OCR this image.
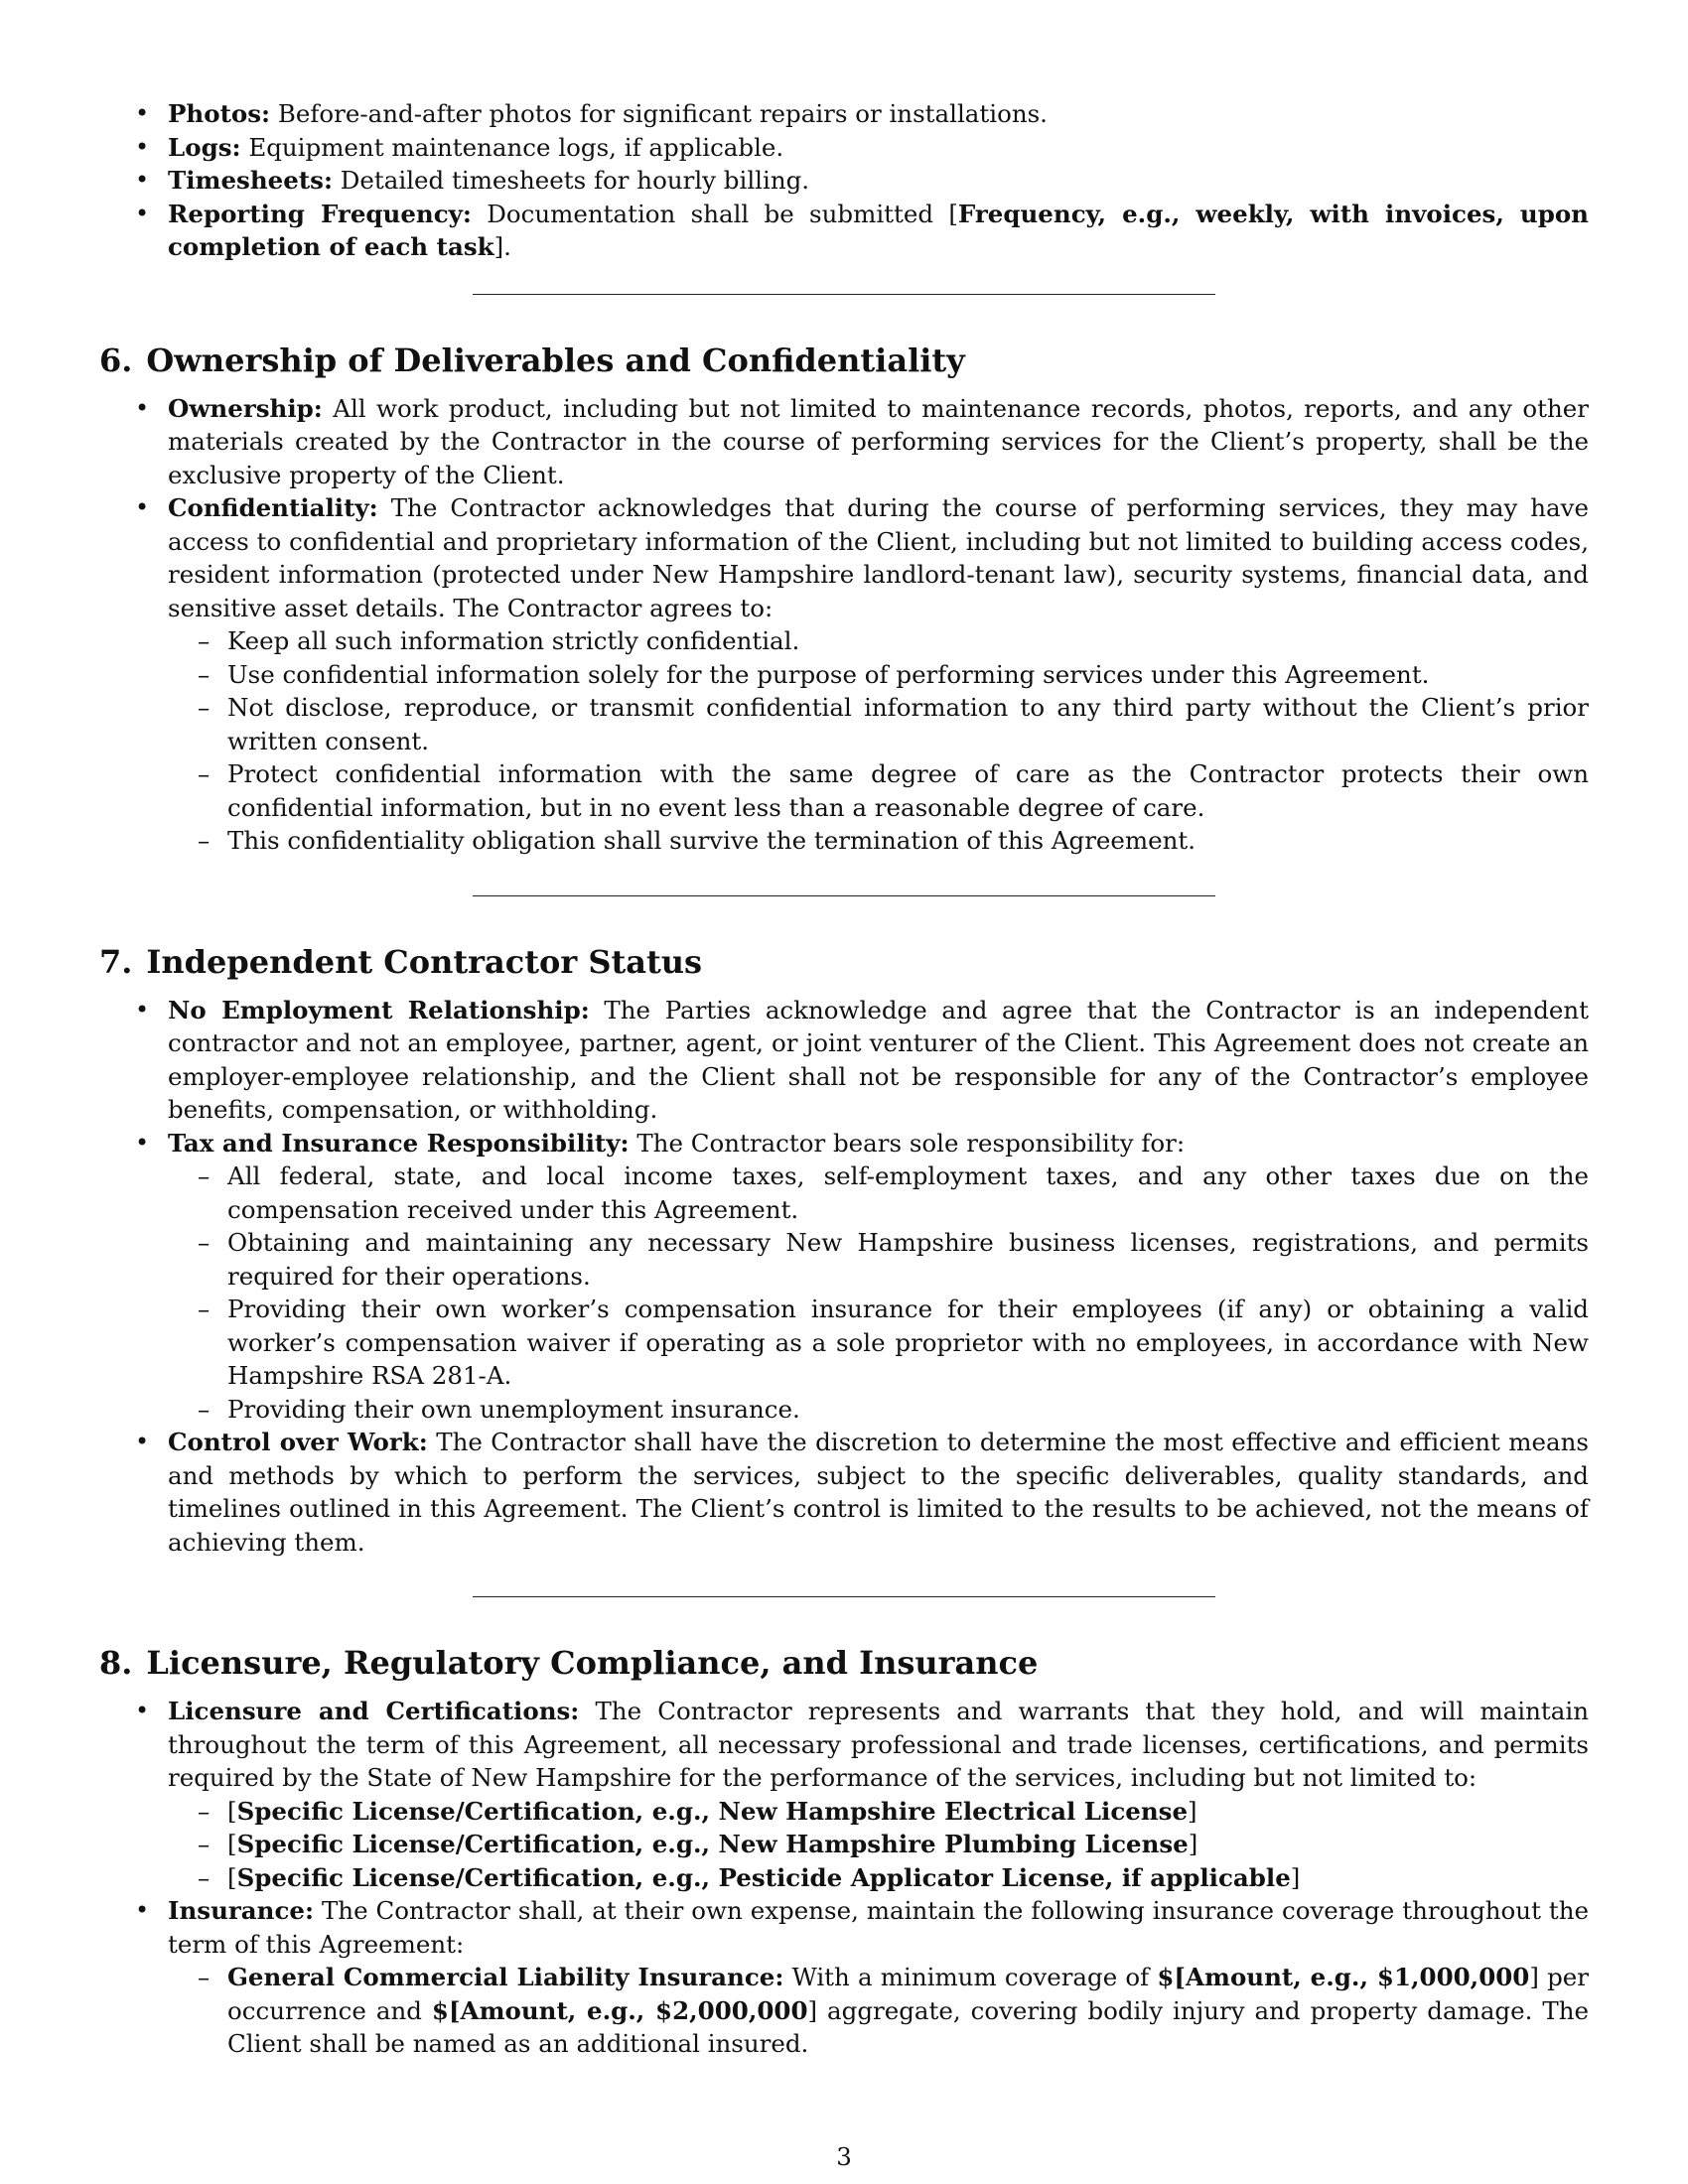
• Photos: Before-and-after photos for significant repairs or installations.
• Logs: Equipment maintenance logs, if applicable.
• Timesheets: Detailed timesheets for hourly billing.
• Reporting Frequency: Documentation shall be submitted [Frequency, e.g., weekly, with invoices, upon completion of each task].
6. Ownership of Deliverables and Confidentiality
• Ownership: All work product, including but not limited to maintenance records, photos, reports, and any other materials created by the Contractor in the course of performing services for the Client’s property, shall be the exclusive property of the Client.
• Confidentiality: The Contractor acknowledges that during the course of performing services, they may have access to confidential and proprietary information of the Client, including but not limited to building access codes, resident information (protected under New Hampshire landlord-tenant law), security systems, financial data, and sensitive asset details. The Contractor agrees to:
– Keep all such information strictly confidential.
– Use confidential information solely for the purpose of performing services under this Agreement.
– Not disclose, reproduce, or transmit confidential information to any third party without the Client’s prior written consent.
– Protect confidential information with the same degree of care as the Contractor protects their own confidential information, but in no event less than a reasonable degree of care.
– This confidentiality obligation shall survive the termination of this Agreement.
7. Independent Contractor Status
• No Employment Relationship: The Parties acknowledge and agree that the Contractor is an independent contractor and not an employee, partner, agent, or joint venturer of the Client. This Agreement does not create an employer-employee relationship, and the Client shall not be responsible for any of the Contractor’s employee benefits, compensation, or withholding.
• Tax and Insurance Responsibility: The Contractor bears sole responsibility for:
– All federal, state, and local income taxes, self-employment taxes, and any other taxes due on the compensation received under this Agreement.
– Obtaining and maintaining any necessary New Hampshire business licenses, registrations, and permits required for their operations.
– Providing their own worker’s compensation insurance for their employees (if any) or obtaining a valid worker’s compensation waiver if operating as a sole proprietor with no employees, in accordance with New Hampshire RSA 281-A.
– Providing their own unemployment insurance.
• Control over Work: The Contractor shall have the discretion to determine the most effective and efficient means and methods by which to perform the services, subject to the specific deliverables, quality standards, and timelines outlined in this Agreement. The Client’s control is limited to the results to be achieved, not the means of achieving them.
8. Licensure, Regulatory Compliance, and Insurance
• Licensure and Certifications: The Contractor represents and warrants that they hold, and will maintain throughout the term of this Agreement, all necessary professional and trade licenses, certifications, and permits required by the State of New Hampshire for the performance of the services, including but not limited to:
– [Specific License/Certification, e.g., New Hampshire Electrical License]
– [Specific License/Certification, e.g., New Hampshire Plumbing License]
– [Specific License/Certification, e.g., Pesticide Applicator License, if applicable]
• Insurance: The Contractor shall, at their own expense, maintain the following insurance coverage throughout the term of this Agreement:
– General Commercial Liability Insurance: With a minimum coverage of $[Amount, e.g., $1,000,000] per occurrence and $[Amount, e.g., $2,000,000] aggregate, covering bodily injury and property damage. The Client shall be named as an additional insured.
3
